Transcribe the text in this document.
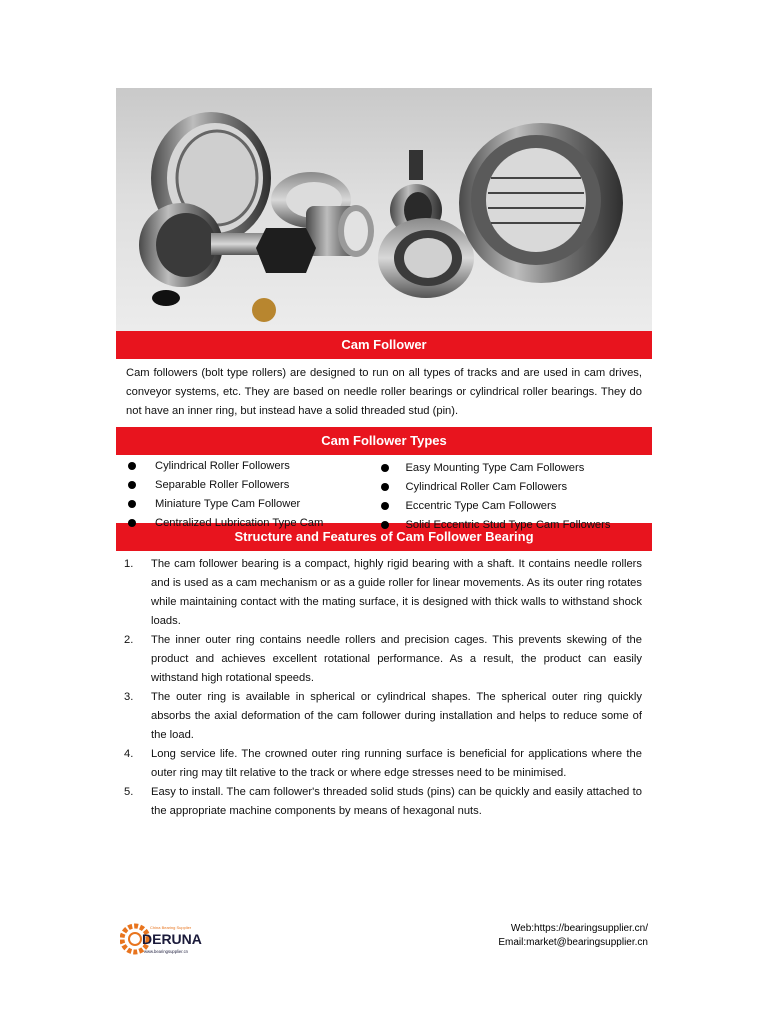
Cam Follower
Cam followers (bolt type rollers) are designed to run on all types of tracks and are used in cam drives, conveyor systems, etc. They are based on needle roller bearings or cylindrical roller bearings. They do not have an inner ring, but instead have a solid threaded stud (pin).
Cam Follower Types
Cylindrical Roller Followers
Separable Roller Followers
Miniature Type Cam Follower
Centralized Lubrication Type Cam
Easy Mounting Type Cam Followers
Cylindrical Roller Cam Followers
Eccentric Type Cam Followers
Solid Eccentric Stud Type Cam Followers
Structure and Features of Cam Follower Bearing
1. The cam follower bearing is a compact, highly rigid bearing with a shaft. It contains needle rollers and is used as a cam mechanism or as a guide roller for linear movements. As its outer ring rotates while maintaining contact with the mating surface, it is designed with thick walls to withstand shock loads.
2. The inner outer ring contains needle rollers and precision cages. This prevents skewing of the product and achieves excellent rotational performance. As a result, the product can easily withstand high rotational speeds.
3. The outer ring is available in spherical or cylindrical shapes. The spherical outer ring quickly absorbs the axial deformation of the cam follower during installation and helps to reduce some of the load.
4. Long service life. The crowned outer ring running surface is beneficial for applications where the outer ring may tilt relative to the track or where edge stresses need to be minimised.
5. Easy to install. The cam follower's threaded solid studs (pins) can be quickly and easily attached to the appropriate machine components by means of hexagonal nuts.
DERUNA
China Bearing Supplier
www.bearingsupplier.cn
Web:https://bearingsupplier.cn/
Email:market@bearingsupplier.cn
